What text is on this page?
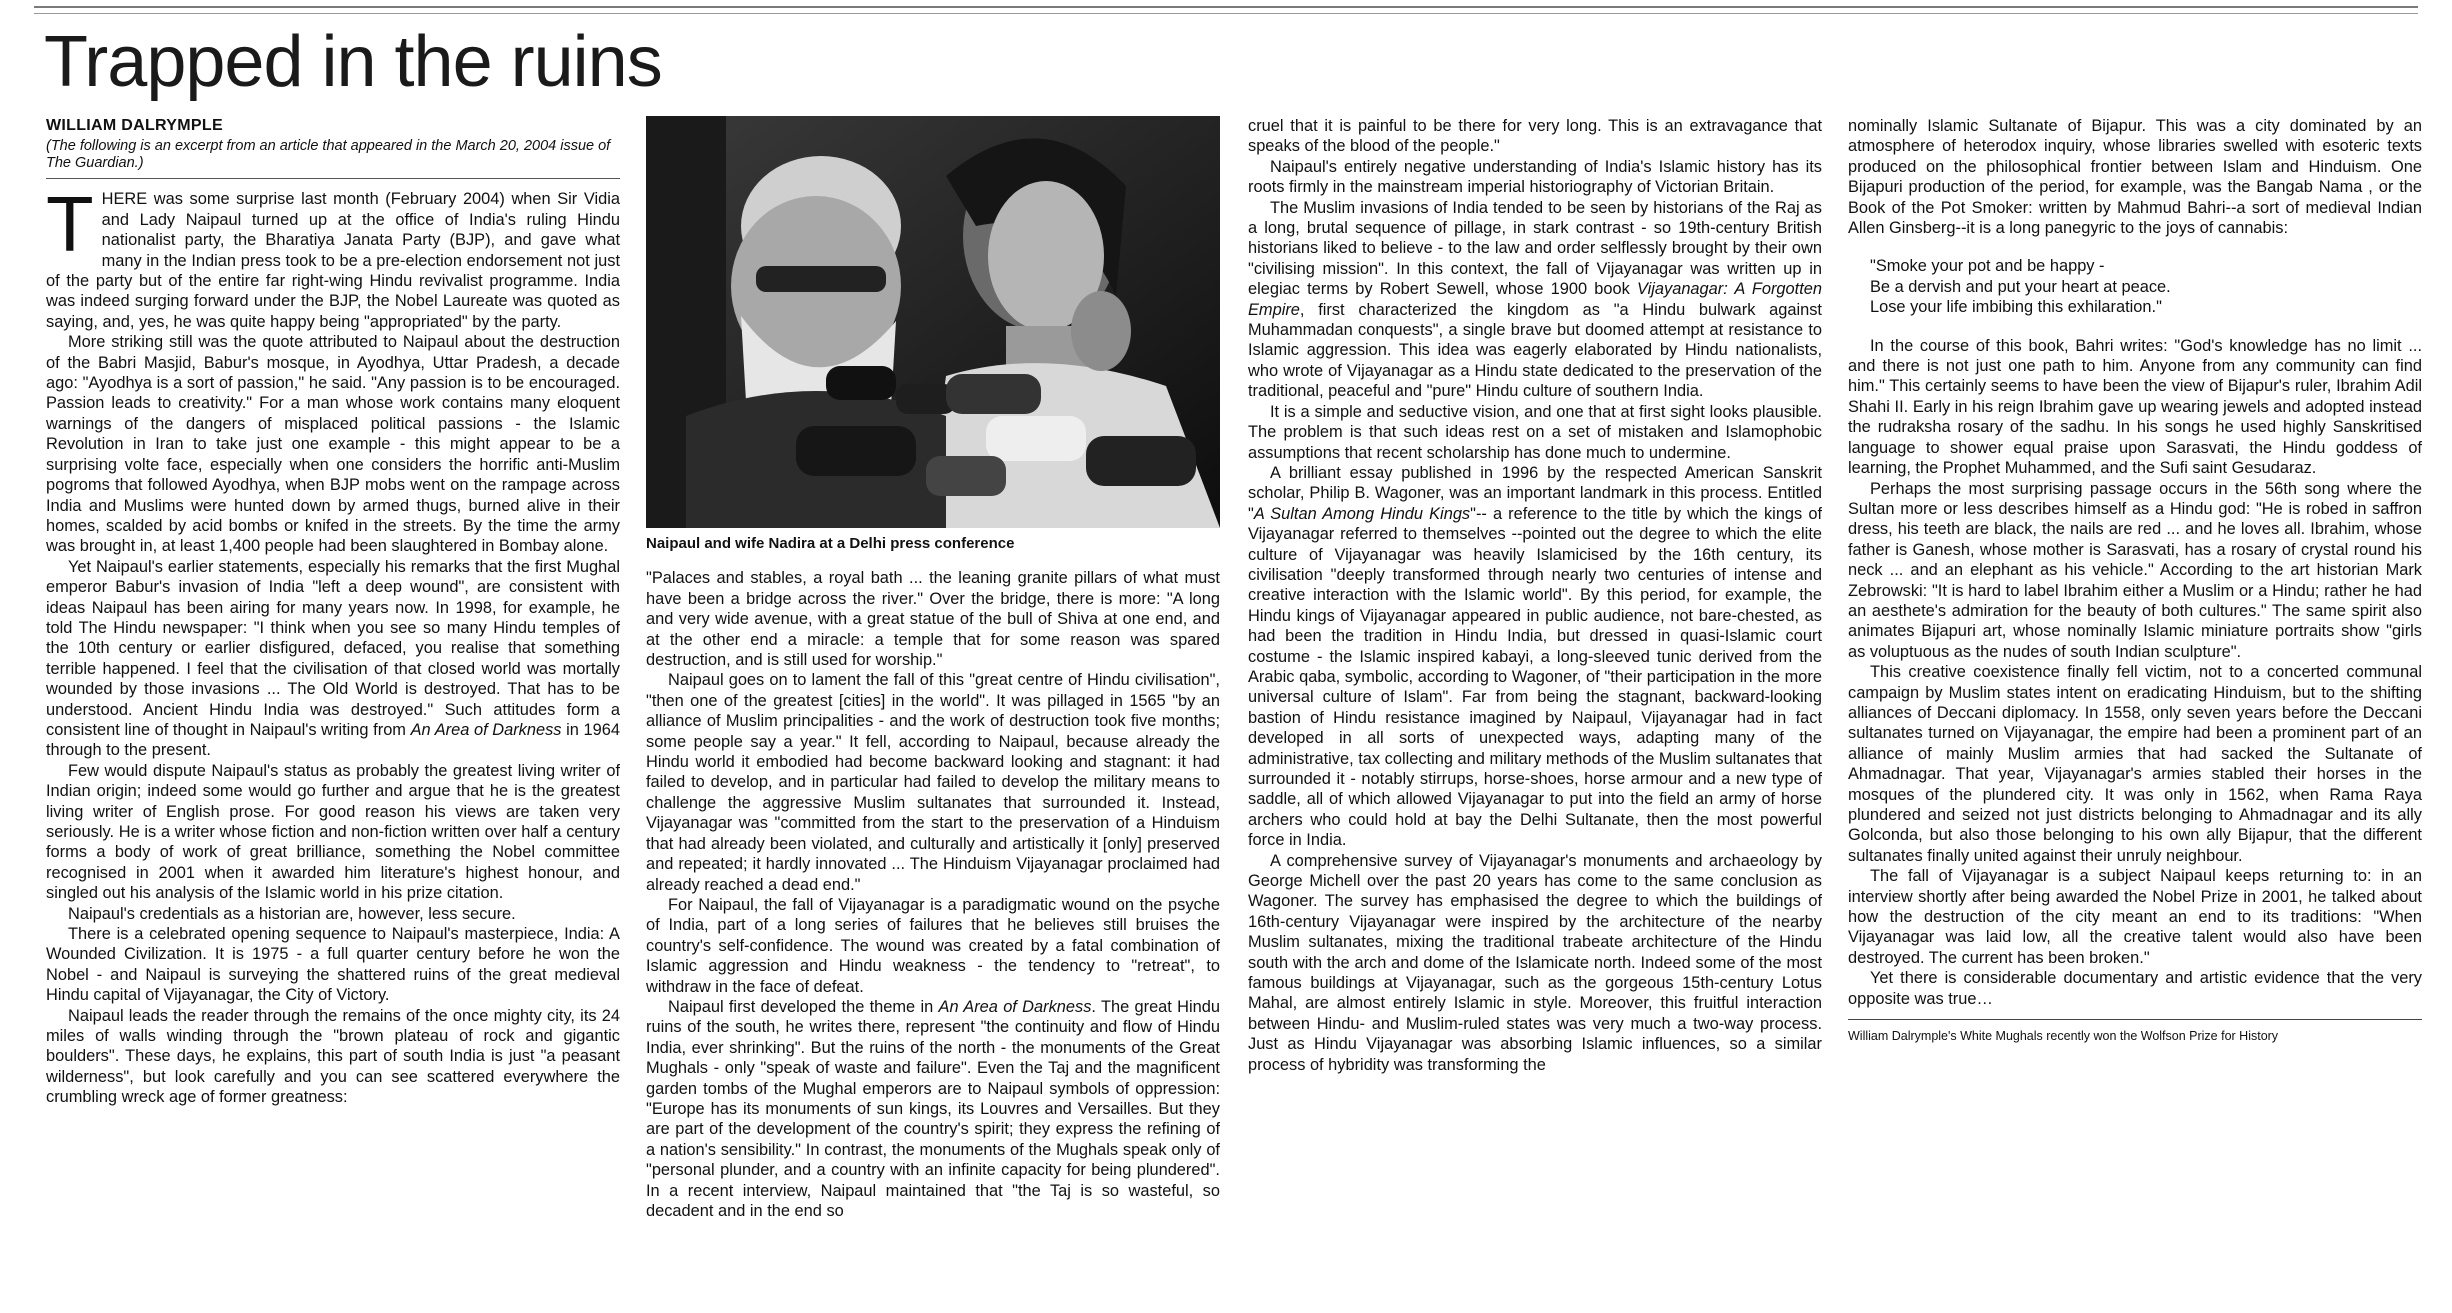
Trapped in the ruins
WILLIAM DALRYMPLE
(The following is an excerpt from an article that appeared in the March 20, 2004 issue of The Guardian.)

THERE was some surprise last month (February 2004) when Sir Vidia and Lady Naipaul turned up at the office of India's ruling Hindu nationalist party, the Bharatiya Janata Party (BJP), and gave what many in the Indian press took to be a pre-election endorsement not just of the party but of the entire far right-wing Hindu revivalist programme. India was indeed surging forward under the BJP, the Nobel Laureate was quoted as saying, and, yes, he was quite happy being "appropriated" by the party.

More striking still was the quote attributed to Naipaul about the destruction of the Babri Masjid, Babur's mosque, in Ayodhya, Uttar Pradesh, a decade ago: "Ayodhya is a sort of passion," he said. "Any passion is to be encouraged. Passion leads to creativity." For a man whose work contains many eloquent warnings of the dangers of misplaced political passions - the Islamic Revolution in Iran to take just one example - this might appear to be a surprising volte face, especially when one considers the horrific anti-Muslim pogroms that followed Ayodhya, when BJP mobs went on the rampage across India and Muslims were hunted down by armed thugs, burned alive in their homes, scalded by acid bombs or knifed in the streets. By the time the army was brought in, at least 1,400 people had been slaughtered in Bombay alone.

Yet Naipaul's earlier statements, especially his remarks that the first Mughal emperor Babur's invasion of India "left a deep wound", are consistent with ideas Naipaul has been airing for many years now. In 1998, for example, he told The Hindu newspaper: "I think when you see so many Hindu temples of the 10th century or earlier disfigured, defaced, you realise that something terrible happened. I feel that the civilisation of that closed world was mortally wounded by those invasions ... The Old World is destroyed. That has to be understood. Ancient Hindu India was destroyed." Such attitudes form a consistent line of thought in Naipaul's writing from An Area of Darkness in 1964 through to the present.

Few would dispute Naipaul's status as probably the greatest living writer of Indian origin; indeed some would go further and argue that he is the greatest living writer of English prose. For good reason his views are taken very seriously. He is a writer whose fiction and non-fiction written over half a century forms a body of work of great brilliance, something the Nobel committee recognised in 2001 when it awarded him literature's highest honour, and singled out his analysis of the Islamic world in his prize citation.

Naipaul's credentials as a historian are, however, less secure.

There is a celebrated opening sequence to Naipaul's masterpiece, India: A Wounded Civilization. It is 1975 - a full quarter century before he won the Nobel - and Naipaul is surveying the shattered ruins of the great medieval Hindu capital of Vijayanagar, the City of Victory.

Naipaul leads the reader through the remains of the once mighty city, its 24 miles of walls winding through the "brown plateau of rock and gigantic boulders". These days, he explains, this part of south India is just "a peasant wilderness", but look carefully and you can see scattered everywhere the crumbling wreck age of former greatness:

Naipaul and wife Nadira at a Delhi press conference

"Palaces and stables, a royal bath ... the leaning granite pillars of what must have been a bridge across the river." Over the bridge, there is more: "A long and very wide avenue, with a great statue of the bull of Shiva at one end, and at the other end a miracle: a temple that for some reason was spared destruction, and is still used for worship."

Naipaul goes on to lament the fall of this "great centre of Hindu civilisation", "then one of the greatest [cities] in the world". It was pillaged in 1565 "by an alliance of Muslim principalities - and the work of destruction took five months; some people say a year." It fell, according to Naipaul, because already the Hindu world it embodied had become backward looking and stagnant: it had failed to develop, and in particular had failed to develop the military means to challenge the aggressive Muslim sultanates that surrounded it. Instead, Vijayanagar was "committed from the start to the preservation of a Hinduism that had already been violated, and culturally and artistically it [only] preserved and repeated; it hardly innovated ... The Hinduism Vijayanagar proclaimed had already reached a dead end."

For Naipaul, the fall of Vijayanagar is a paradigmatic wound on the psyche of India, part of a long series of failures that he believes still bruises the country's self-confidence. The wound was created by a fatal combination of Islamic aggression and Hindu weakness - the tendency to "retreat", to withdraw in the face of defeat.

Naipaul first developed the theme in An Area of Darkness. The great Hindu ruins of the south, he writes there, represent "the continuity and flow of Hindu India, ever shrinking". But the ruins of the north - the monuments of the Great Mughals - only "speak of waste and failure". Even the Taj and the magnificent garden tombs of the Mughal emperors are to Naipaul symbols of oppression: "Europe has its monuments of sun kings, its Louvres and Versailles. But they are part of the development of the country's spirit; they express the refining of a nation's sensibility." In contrast, the monuments of the Mughals speak only of "personal plunder, and a country with an infinite capacity for being plundered". In a recent interview, Naipaul maintained that "the Taj is so wasteful, so decadent and in the end so

cruel that it is painful to be there for very long. This is an extravagance that speaks of the blood of the people."

Naipaul's entirely negative understanding of India's Islamic history has its roots firmly in the mainstream imperial historiography of Victorian Britain.

The Muslim invasions of India tended to be seen by historians of the Raj as a long, brutal sequence of pillage, in stark contrast - so 19th-century British historians liked to believe - to the law and order selflessly brought by their own "civilising mission". In this context, the fall of Vijayanagar was written up in elegiac terms by Robert Sewell, whose 1900 book Vijayanagar: A Forgotten Empire, first characterized the kingdom as "a Hindu bulwark against Muhammadan conquests", a single brave but doomed attempt at resistance to Islamic aggression. This idea was eagerly elaborated by Hindu nationalists, who wrote of Vijayanagar as a Hindu state dedicated to the preservation of the traditional, peaceful and "pure" Hindu culture of southern India.

It is a simple and seductive vision, and one that at first sight looks plausible. The problem is that such ideas rest on a set of mistaken and Islamophobic assumptions that recent scholarship has done much to undermine.

A brilliant essay published in 1996 by the respected American Sanskrit scholar, Philip B. Wagoner, was an important landmark in this process. Entitled "A Sultan Among Hindu Kings"-- a reference to the title by which the kings of Vijayanagar referred to themselves --pointed out the degree to which the elite culture of Vijayanagar was heavily Islamicised by the 16th century, its civilisation "deeply transformed through nearly two centuries of intense and creative interaction with the Islamic world". By this period, for example, the Hindu kings of Vijayanagar appeared in public audience, not bare-chested, as had been the tradition in Hindu India, but dressed in quasi-Islamic court costume - the Islamic inspired kabayi, a long-sleeved tunic derived from the Arabic qaba, symbolic, according to Wagoner, of "their participation in the more universal culture of Islam". Far from being the stagnant, backward-looking bastion of Hindu resistance imagined by Naipaul, Vijayanagar had in fact developed in all sorts of unexpected ways, adapting many of the administrative, tax collecting and military methods of the Muslim sultanates that surrounded it - notably stirrups, horse-shoes, horse armour and a new type of saddle, all of which allowed Vijayanagar to put into the field an army of horse archers who could hold at bay the Delhi Sultanate, then the most powerful force in India.

A comprehensive survey of Vijayanagar's monuments and archaeology by George Michell over the past 20 years has come to the same conclusion as Wagoner. The survey has emphasised the degree to which the buildings of 16th-century Vijayanagar were inspired by the architecture of the nearby Muslim sultanates, mixing the traditional trabeate architecture of the Hindu south with the arch and dome of the Islamicate north. Indeed some of the most famous buildings at Vijayanagar, such as the gorgeous 15th-century Lotus Mahal, are almost entirely Islamic in style. Moreover, this fruitful interaction between Hindu- and Muslim-ruled states was very much a two-way process. Just as Hindu Vijayanagar was absorbing Islamic influences, so a similar process of hybridity was transforming the

nominally Islamic Sultanate of Bijapur. This was a city dominated by an atmosphere of heterodox inquiry, whose libraries swelled with esoteric texts produced on the philosophical frontier between Islam and Hinduism. One Bijapuri production of the period, for example, was the Bangab Nama , or the Book of the Pot Smoker: written by Mahmud Bahri--a sort of medieval Indian Allen Ginsberg--it is a long panegyric to the joys of cannabis:

"Smoke your pot and be happy -
Be a dervish and put your heart at peace.
Lose your life imbibing this exhilaration."

In the course of this book, Bahri writes: "God's knowledge has no limit ... and there is not just one path to him. Anyone from any community can find him." This certainly seems to have been the view of Bijapur's ruler, Ibrahim Adil Shahi II. Early in his reign Ibrahim gave up wearing jewels and adopted instead the rudraksha rosary of the sadhu. In his songs he used highly Sanskritised language to shower equal praise upon Sarasvati, the Hindu goddess of learning, the Prophet Muhammed, and the Sufi saint Gesudaraz.

Perhaps the most surprising passage occurs in the 56th song where the Sultan more or less describes himself as a Hindu god: "He is robed in saffron dress, his teeth are black, the nails are red ... and he loves all. Ibrahim, whose father is Ganesh, whose mother is Sarasvati, has a rosary of crystal round his neck ... and an elephant as his vehicle." According to the art historian Mark Zebrowski: "It is hard to label Ibrahim either a Muslim or a Hindu; rather he had an aesthete's admiration for the beauty of both cultures." The same spirit also animates Bijapuri art, whose nominally Islamic miniature portraits show "girls as voluptuous as the nudes of south Indian sculpture".

This creative coexistence finally fell victim, not to a concerted communal campaign by Muslim states intent on eradicating Hinduism, but to the shifting alliances of Deccani diplomacy. In 1558, only seven years before the Deccani sultanates turned on Vijayanagar, the empire had been a prominent part of an alliance of mainly Muslim armies that had sacked the Sultanate of Ahmadnagar. That year, Vijayanagar's armies stabled their horses in the mosques of the plundered city. It was only in 1562, when Rama Raya plundered and seized not just districts belonging to Ahmadnagar and its ally Golconda, but also those belonging to his own ally Bijapur, that the different sultanates finally united against their unruly neighbour.

The fall of Vijayanagar is a subject Naipaul keeps returning to: in an interview shortly after being awarded the Nobel Prize in 2001, he talked about how the destruction of the city meant an end to its traditions: "When Vijayanagar was laid low, all the creative talent would also have been destroyed. The current has been broken."

Yet there is considerable documentary and artistic evidence that the very opposite was true…

William Dalrymple's White Mughals recently won the Wolfson Prize for History
